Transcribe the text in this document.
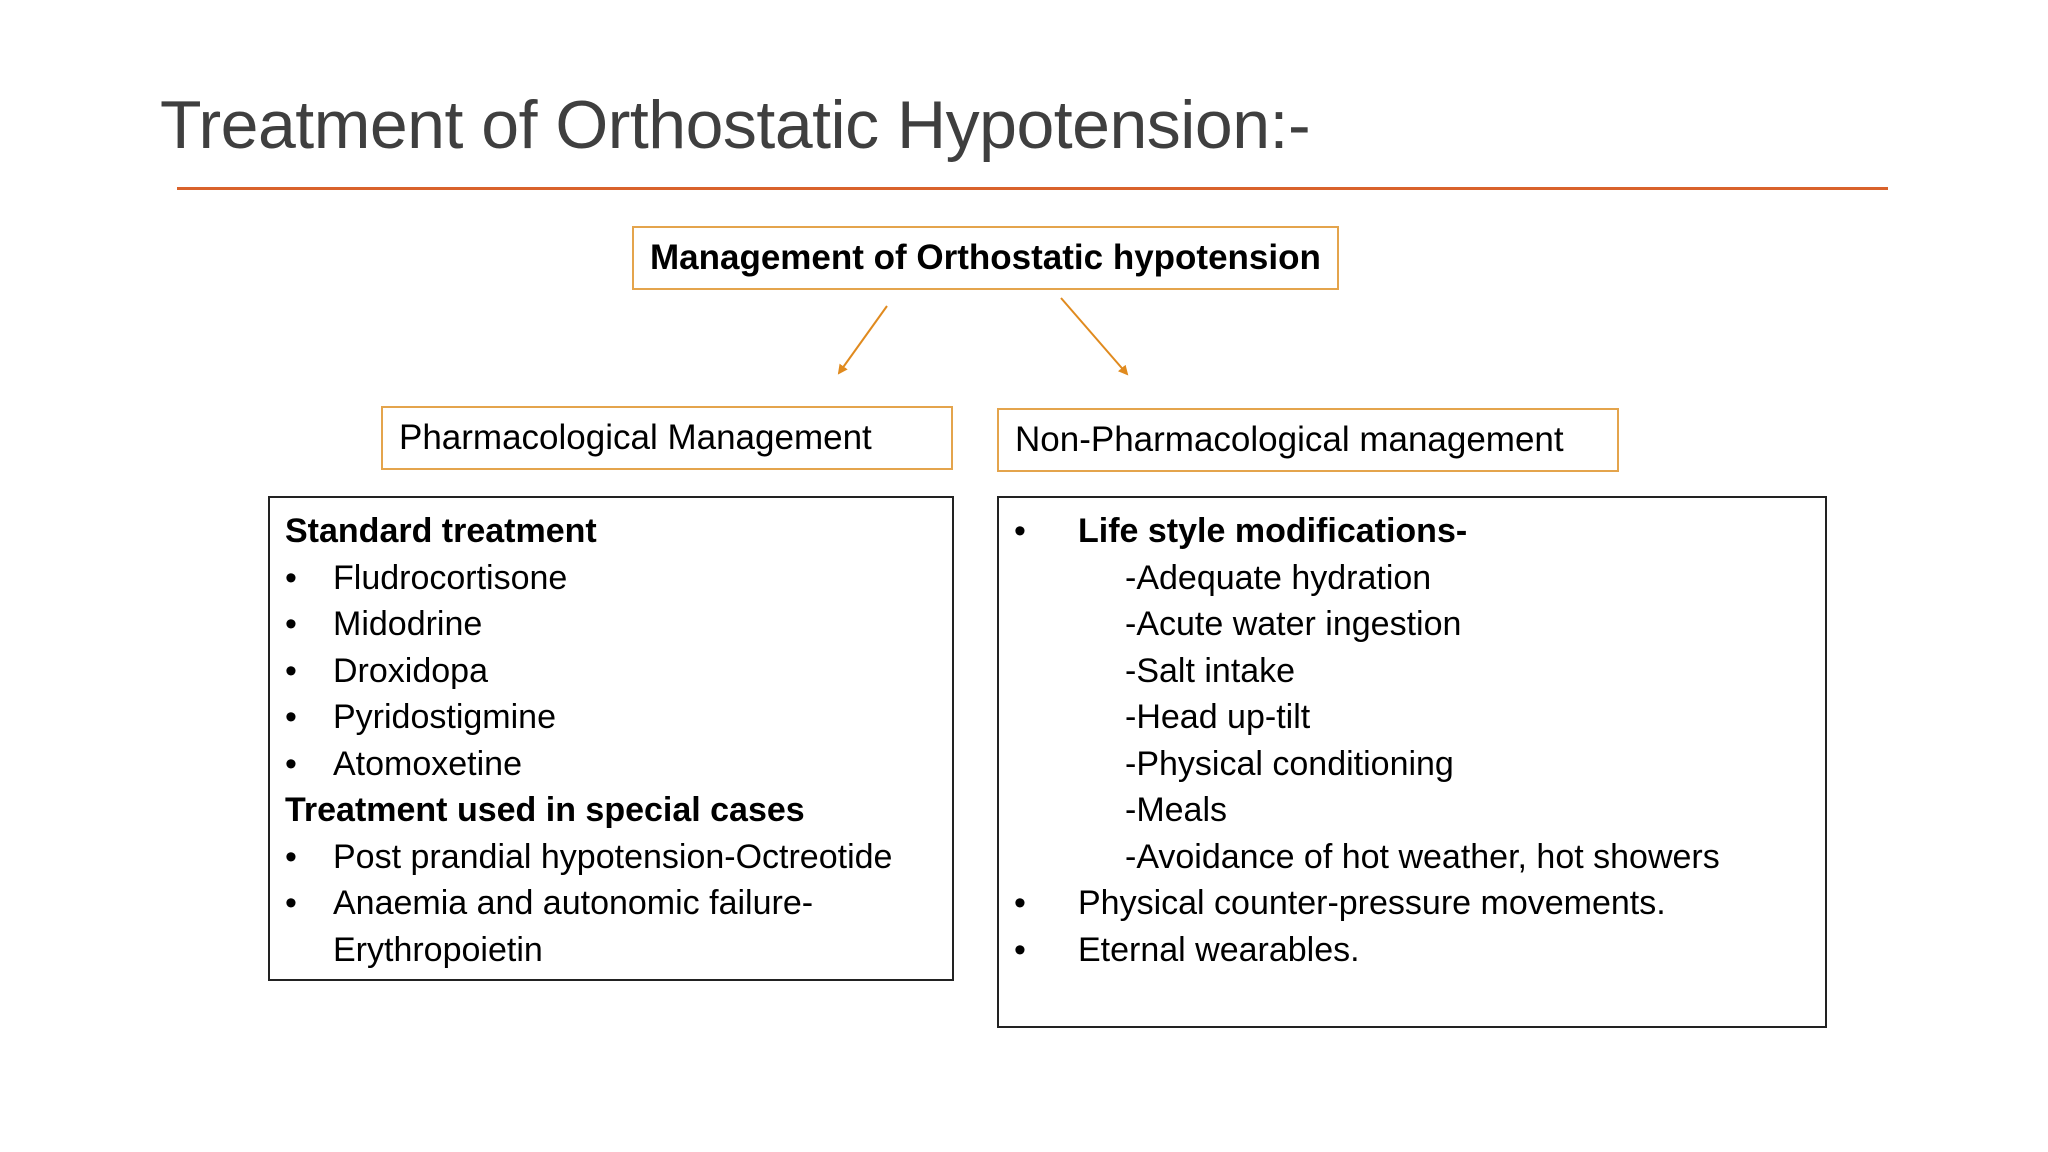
Treatment of Orthostatic Hypotension:-
Management of Orthostatic hypotension
Pharmacological Management	Non-Pharmacological management
Standard treatment
•	Fludrocortisone
•	Midodrine
•	Droxidopa
•	Pyridostigmine
•	Atomoxetine
Treatment used in special cases
•	Post prandial hypotension-Octreotide
•	Anaemia and autonomic failure-
Erythropoietin
•	Life style modifications-
-Adequate hydration
-Acute water ingestion
-Salt intake
-Head up-tilt
-Physical conditioning
-Meals
-Avoidance of hot weather, hot showers
•	Physical counter-pressure movements.
•	Eternal wearables.
